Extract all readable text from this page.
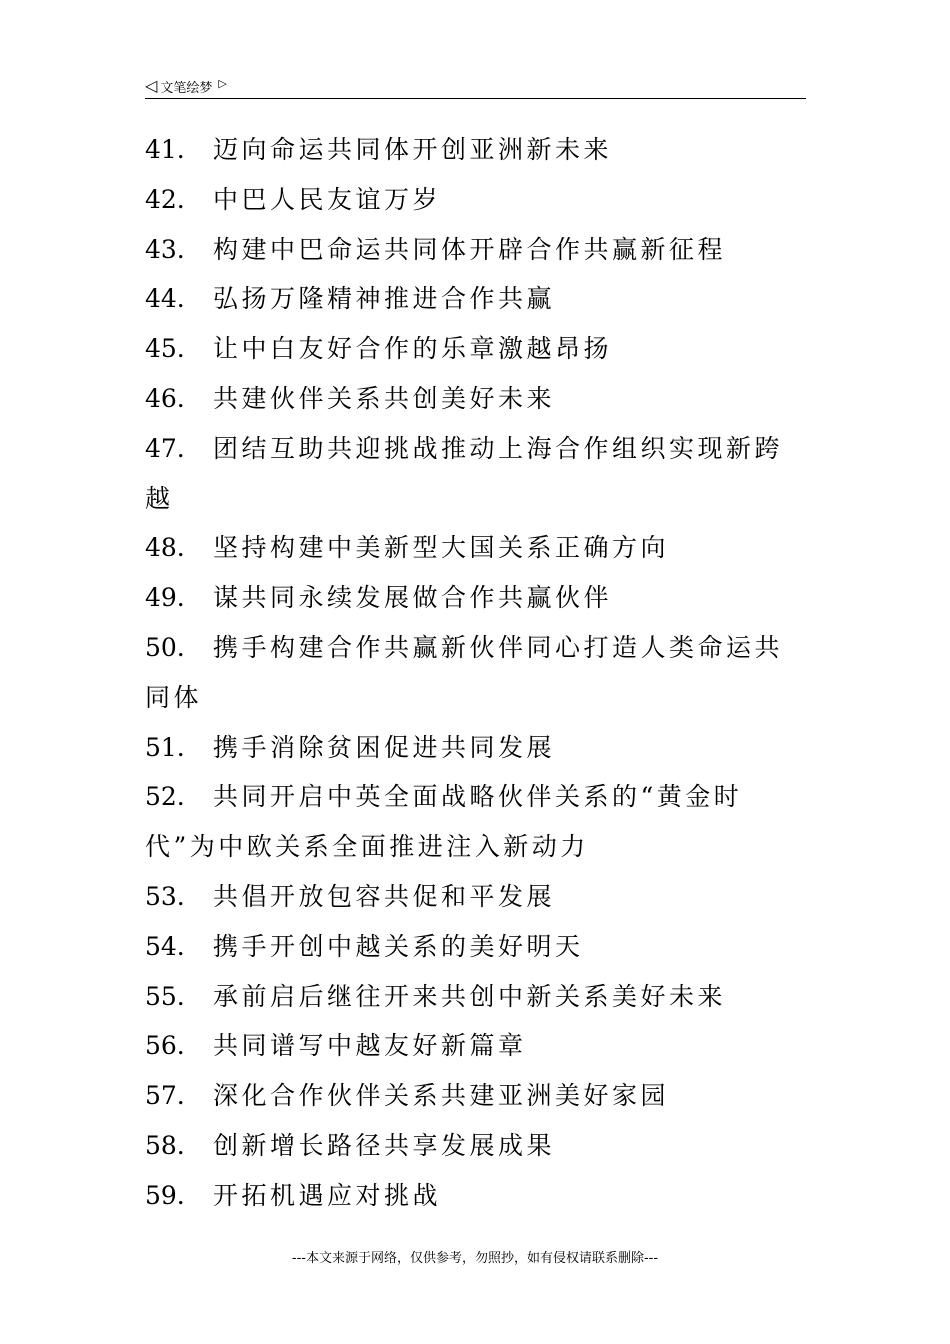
◁ 文笔绘梦 ▷
41. 迈向命运共同体开创亚洲新未来
42. 中巴人民友谊万岁
43. 构建中巴命运共同体开辟合作共赢新征程
44. 弘扬万隆精神推进合作共赢
45. 让中白友好合作的乐章激越昂扬
46. 共建伙伴关系共创美好未来
47. 团结互助共迎挑战推动上海合作组织实现新跨越
48. 坚持构建中美新型大国关系正确方向
49. 谋共同永续发展做合作共赢伙伴
50. 携手构建合作共赢新伙伴同心打造人类命运共同体
51. 携手消除贫困促进共同发展
52. 共同开启中英全面战略伙伴关系的“黄金时代”为中欧关系全面推进注入新动力
53. 共倡开放包容共促和平发展
54. 携手开创中越关系的美好明天
55. 承前启后继往开来共创中新关系美好未来
56. 共同谱写中越友好新篇章
57. 深化合作伙伴关系共建亚洲美好家园
58. 创新增长路径共享发展成果
59. 开拓机遇应对挑战
---本文来源于网络，仅供参考，勿照抄，如有侵权请联系删除---
